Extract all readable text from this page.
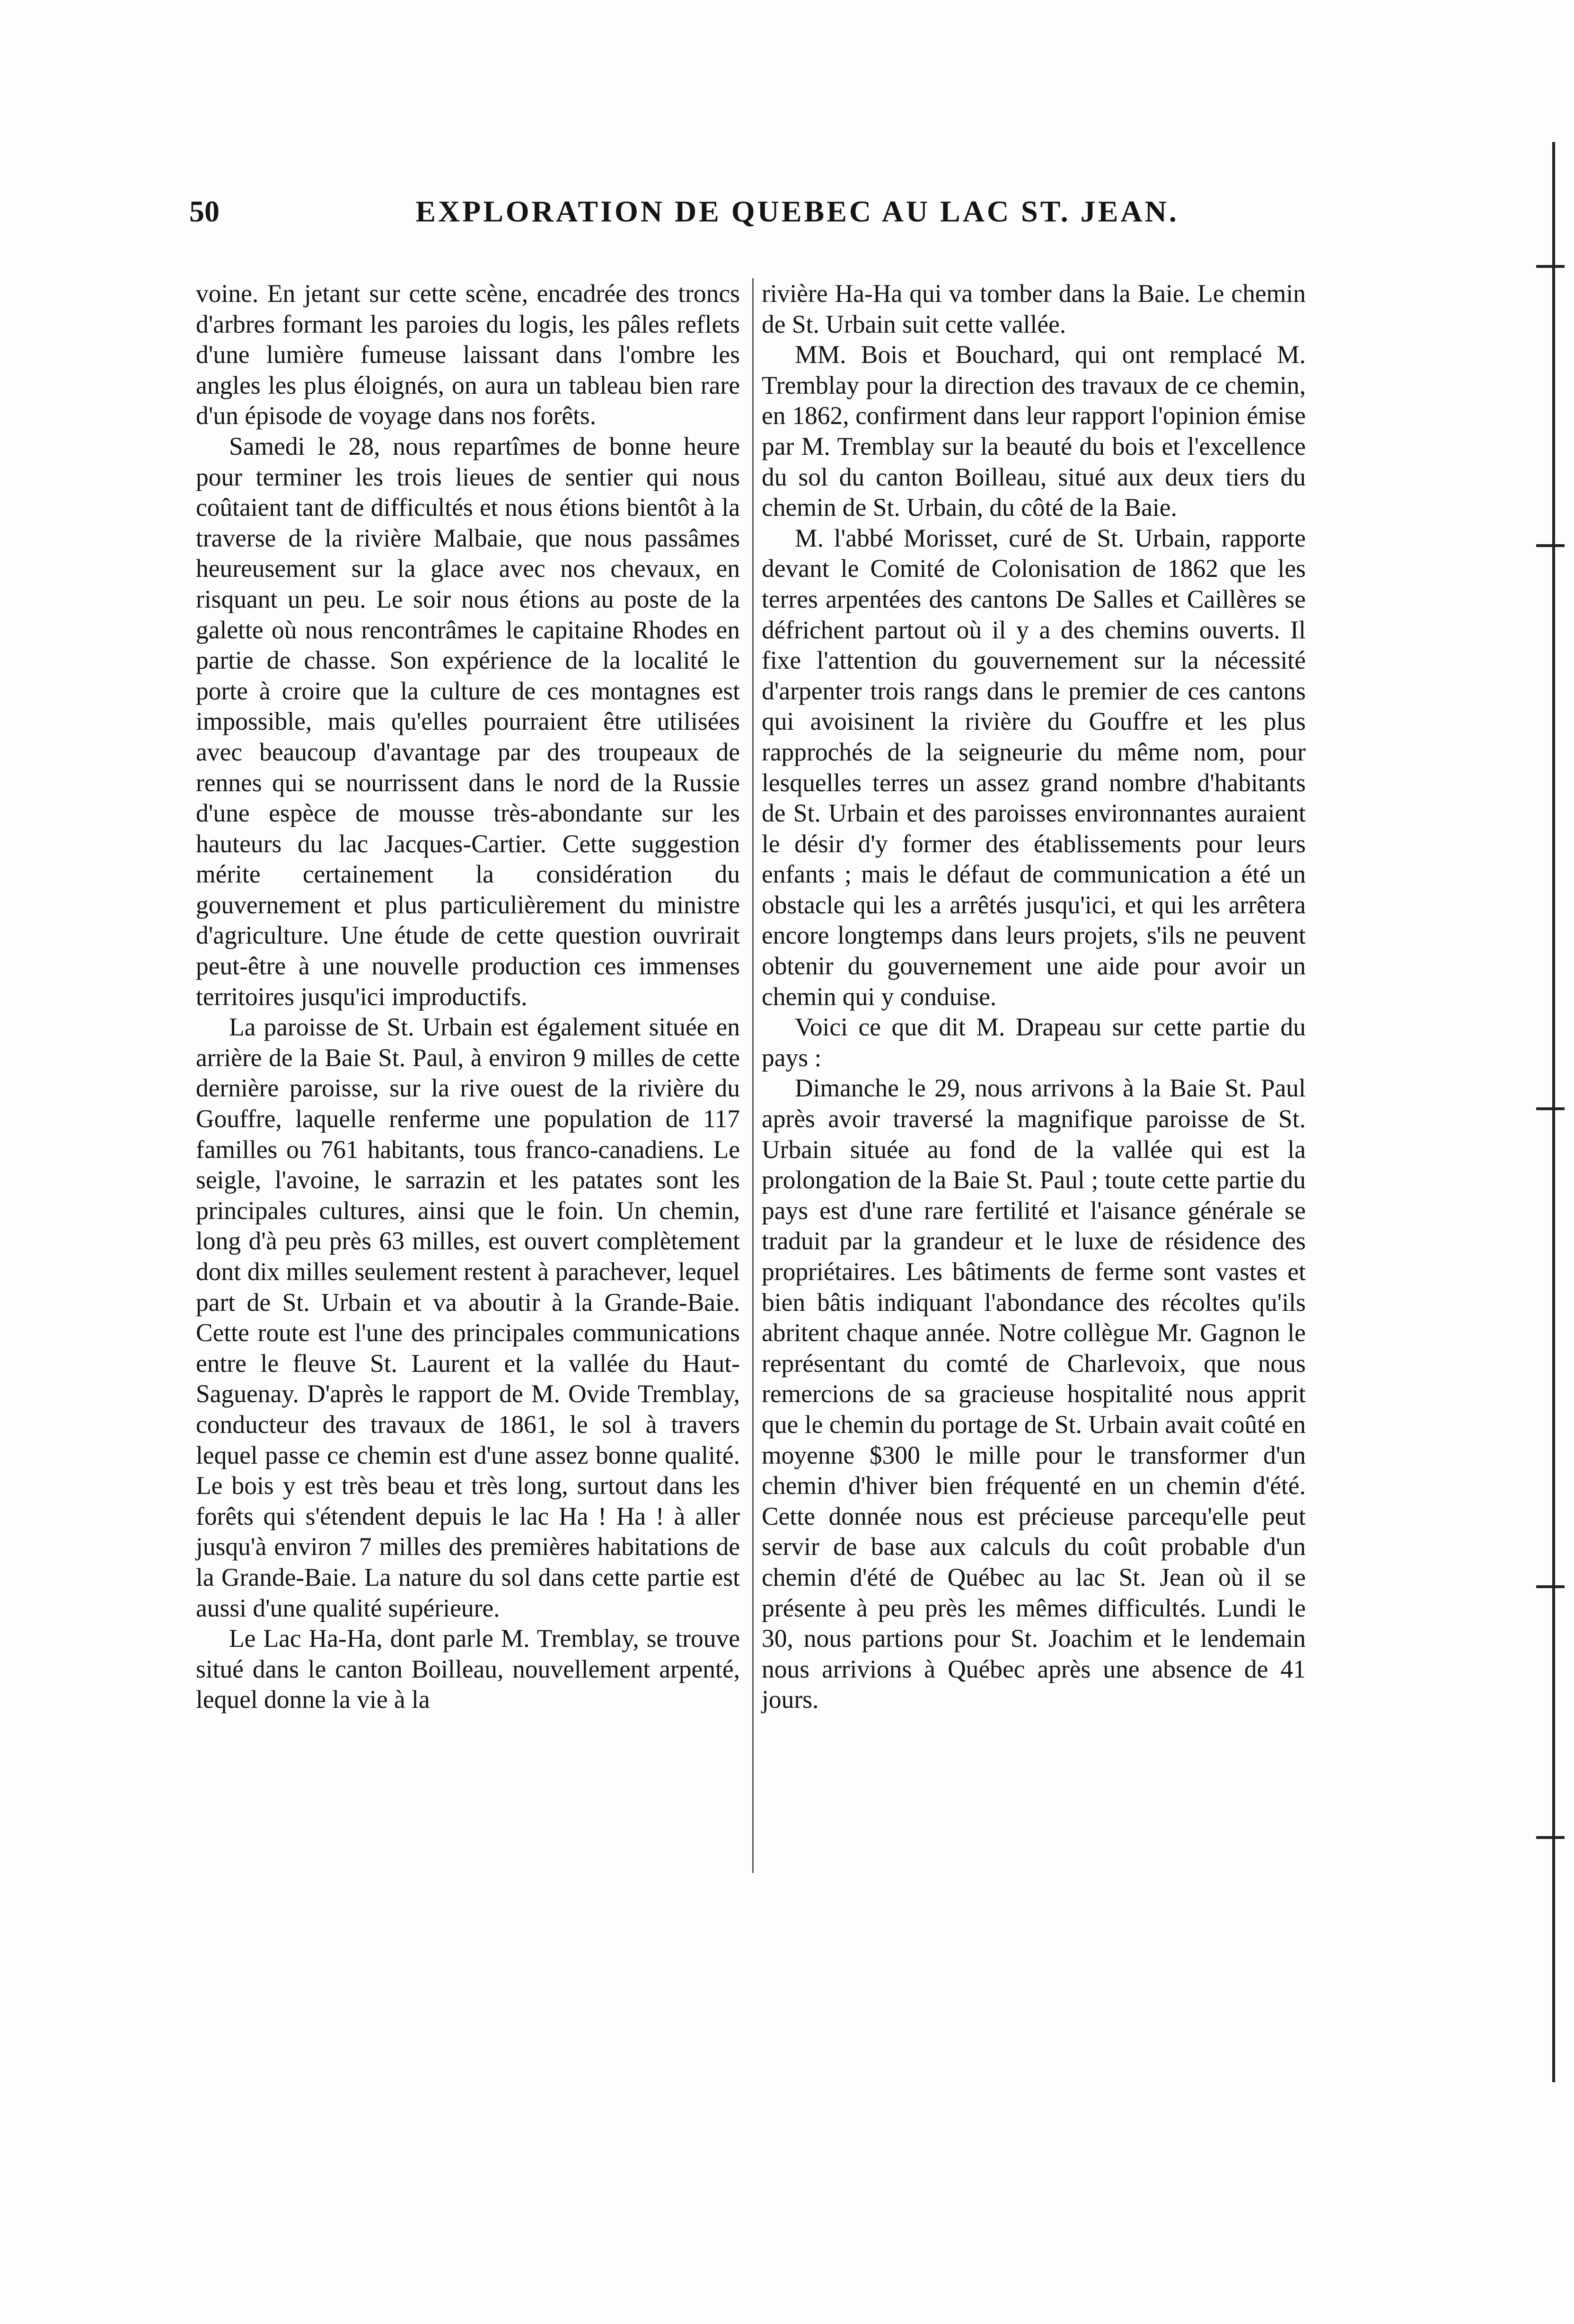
50	EXPLORATION DE QUEBEC AU LAC ST. JEAN.

voine. En jetant sur cette scène, encadrée des troncs d'arbres formant les paroies du logis, les pâles reflets d'une lumière fumeuse laissant dans l'ombre les angles les plus éloignés, on aura un tableau bien rare d'un épisode de voyage dans nos forêts.

Samedi le 28, nous repartîmes de bonne heure pour terminer les trois lieues de sentier qui nous coûtaient tant de difficultés et nous étions bientôt à la traverse de la rivière Malbaie, que nous passâmes heureusement sur la glace avec nos chevaux, en risquant un peu. Le soir nous étions au poste de la galette où nous rencontrâmes le capitaine Rhodes en partie de chasse. Son expérience de la localité le porte à croire que la culture de ces montagnes est impossible, mais qu'elles pourraient être utilisées avec beaucoup d'avantage par des troupeaux de rennes qui se nourrissent dans le nord de la Russie d'une espèce de mousse très-abondante sur les hauteurs du lac Jacques-Cartier. Cette suggestion mérite certainement la considération du gouvernement et plus particulièrement du ministre d'agriculture. Une étude de cette question ouvrirait peut-être à une nouvelle production ces immenses territoires jusqu'ici improductifs.

La paroisse de St. Urbain est également située en arrière de la Baie St. Paul, à environ 9 milles de cette dernière paroisse, sur la rive ouest de la rivière du Gouffre, laquelle renferme une population de 117 familles ou 761 habitants, tous franco-canadiens. Le seigle, l'avoine, le sarrazin et les patates sont les principales cultures, ainsi que le foin. Un chemin, long d'à peu près 63 milles, est ouvert complètement dont dix milles seulement restent à parachever, lequel part de St. Urbain et va aboutir à la Grande-Baie. Cette route est l'une des principales communications entre le fleuve St. Laurent et la vallée du Haut-Saguenay. D'après le rapport de M. Ovide Tremblay, conducteur des travaux de 1861, le sol à travers lequel passe ce chemin est d'une assez bonne qualité. Le bois y est très beau et très long, surtout dans les forêts qui s'étendent depuis le lac Ha ! Ha ! à aller jusqu'à environ 7 milles des premières habitations de la Grande-Baie. La nature du sol dans cette partie est aussi d'une qualité supérieure.

Le Lac Ha-Ha, dont parle M. Tremblay, se trouve situé dans le canton Boilleau, nouvellement arpenté, lequel donne la vie à la

rivière Ha-Ha qui va tomber dans la Baie. Le chemin de St. Urbain suit cette vallée.

MM. Bois et Bouchard, qui ont remplacé M. Tremblay pour la direction des travaux de ce chemin, en 1862, confirment dans leur rapport l'opinion émise par M. Tremblay sur la beauté du bois et l'excellence du sol du canton Boilleau, situé aux deux tiers du chemin de St. Urbain, du côté de la Baie.

M. l'abbé Morisset, curé de St. Urbain, rapporte devant le Comité de Colonisation de 1862 que les terres arpentées des cantons De Salles et Caillères se défrichent partout où il y a des chemins ouverts. Il fixe l'attention du gouvernement sur la nécessité d'arpenter trois rangs dans le premier de ces cantons qui avoisinent la rivière du Gouffre et les plus rapprochés de la seigneurie du même nom, pour lesquelles terres un assez grand nombre d'habitants de St. Urbain et des paroisses environnantes auraient le désir d'y former des établissements pour leurs enfants ; mais le défaut de communication a été un obstacle qui les a arrêtés jusqu'ici, et qui les arrêtera encore longtemps dans leurs projets, s'ils ne peuvent obtenir du gouvernement une aide pour avoir un chemin qui y conduise.

Voici ce que dit M. Drapeau sur cette partie du pays :

Dimanche le 29, nous arrivons à la Baie St. Paul après avoir traversé la magnifique paroisse de St. Urbain située au fond de la vallée qui est la prolongation de la Baie St. Paul ; toute cette partie du pays est d'une rare fertilité et l'aisance générale se traduit par la grandeur et le luxe de résidence des propriétaires. Les bâtiments de ferme sont vastes et bien bâtis indiquant l'abondance des récoltes qu'ils abritent chaque année. Notre collègue Mr. Gagnon le représentant du comté de Charlevoix, que nous remercions de sa gracieuse hospitalité nous apprit que le chemin du portage de St. Urbain avait coûté en moyenne $300 le mille pour le transformer d'un chemin d'hiver bien fréquenté en un chemin d'été. Cette donnée nous est précieuse parcequ'elle peut servir de base aux calculs du coût probable d'un chemin d'été de Québec au lac St. Jean où il se présente à peu près les mêmes difficultés. Lundi le 30, nous partions pour St. Joachim et le lendemain nous arrivions à Québec après une absence de 41 jours.
